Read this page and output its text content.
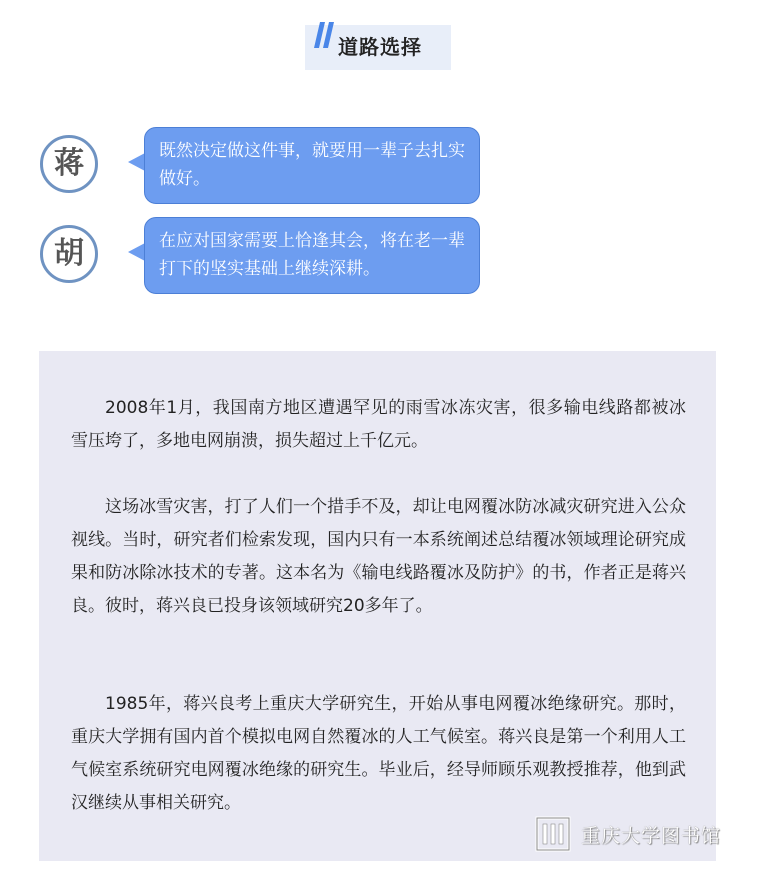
道路选择
蒋	既然决定做这件事，就要用一辈子去扎实做好。
胡	在应对国家需要上恰逢其会，将在老一辈打下的坚实基础上继续深耕。

2008年1月，我国南方地区遭遇罕见的雨雪冰冻灾害，很多输电线路都被冰雪压垮了，多地电网崩溃，损失超过上千亿元。

这场冰雪灾害，打了人们一个措手不及，却让电网覆冰防冰减灾研究进入公众视线。当时，研究者们检索发现，国内只有一本系统阐述总结覆冰领域理论研究成果和防冰除冰技术的专著。这本名为《输电线路覆冰及防护》的书，作者正是蒋兴良。彼时，蒋兴良已投身该领域研究20多年了。

1985年，蒋兴良考上重庆大学研究生，开始从事电网覆冰绝缘研究。那时，重庆大学拥有国内首个模拟电网自然覆冰的人工气候室。蒋兴良是第一个利用人工气候室系统研究电网覆冰绝缘的研究生。毕业后，经导师顾乐观教授推荐，他到武汉继续从事相关研究。

重庆大学图书馆
